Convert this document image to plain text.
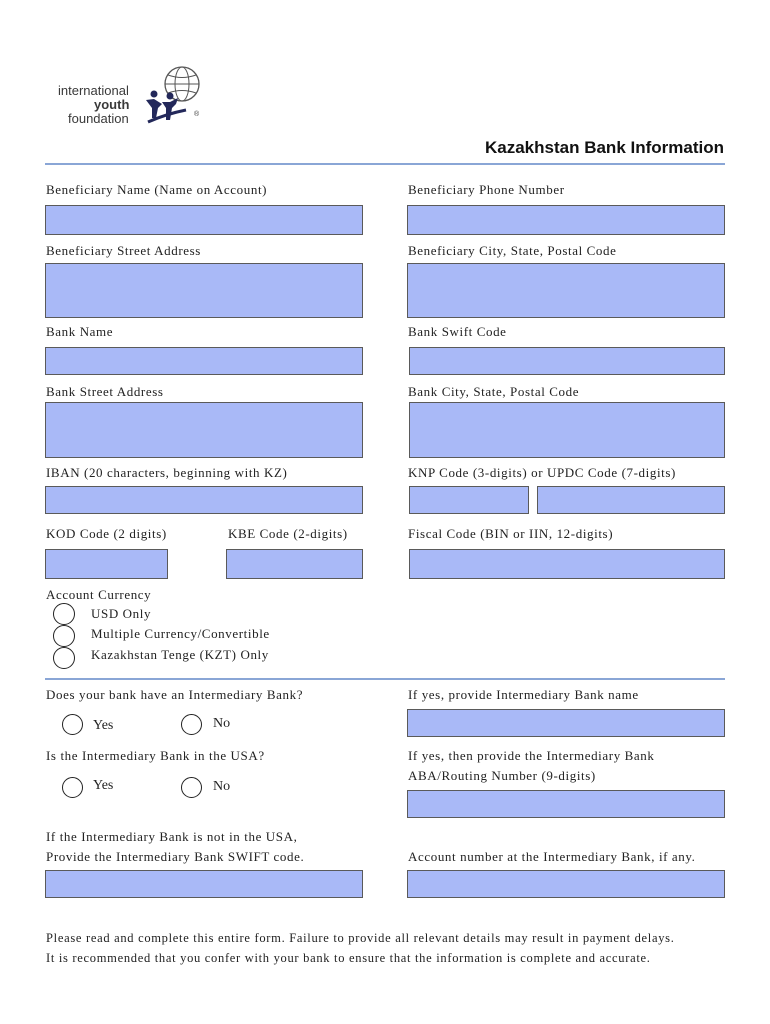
international
youth
foundation	®
Kazakhstan Bank Information
Beneficiary Name (Name on Account)	Beneficiary Phone Number
Beneficiary Street Address	Beneficiary City, State, Postal Code
Bank Name	Bank Swift Code
Bank Street Address	Bank City, State, Postal Code
IBAN (20 characters, beginning with KZ)	KNP Code (3-digits) or UPDC Code (7-digits)
KOD Code (2 digits)	KBE Code (2-digits)	Fiscal Code (BIN or IIN, 12-digits)
Account Currency
USD Only
Multiple Currency/Convertible
Kazakhstan Tenge (KZT) Only
Does your bank have an Intermediary Bank?	If yes, provide Intermediary Bank name
Yes	No
Is the Intermediary Bank in the USA?	If yes, then provide the Intermediary Bank
ABA/Routing Number (9-digits)
Yes	No
If the Intermediary Bank is not in the USA,
Provide the Intermediary Bank SWIFT code.	Account number at the Intermediary Bank, if any.
Please read and complete this entire form. Failure to provide all relevant details may result in payment delays.
It is recommended that you confer with your bank to ensure that the information is complete and accurate.
